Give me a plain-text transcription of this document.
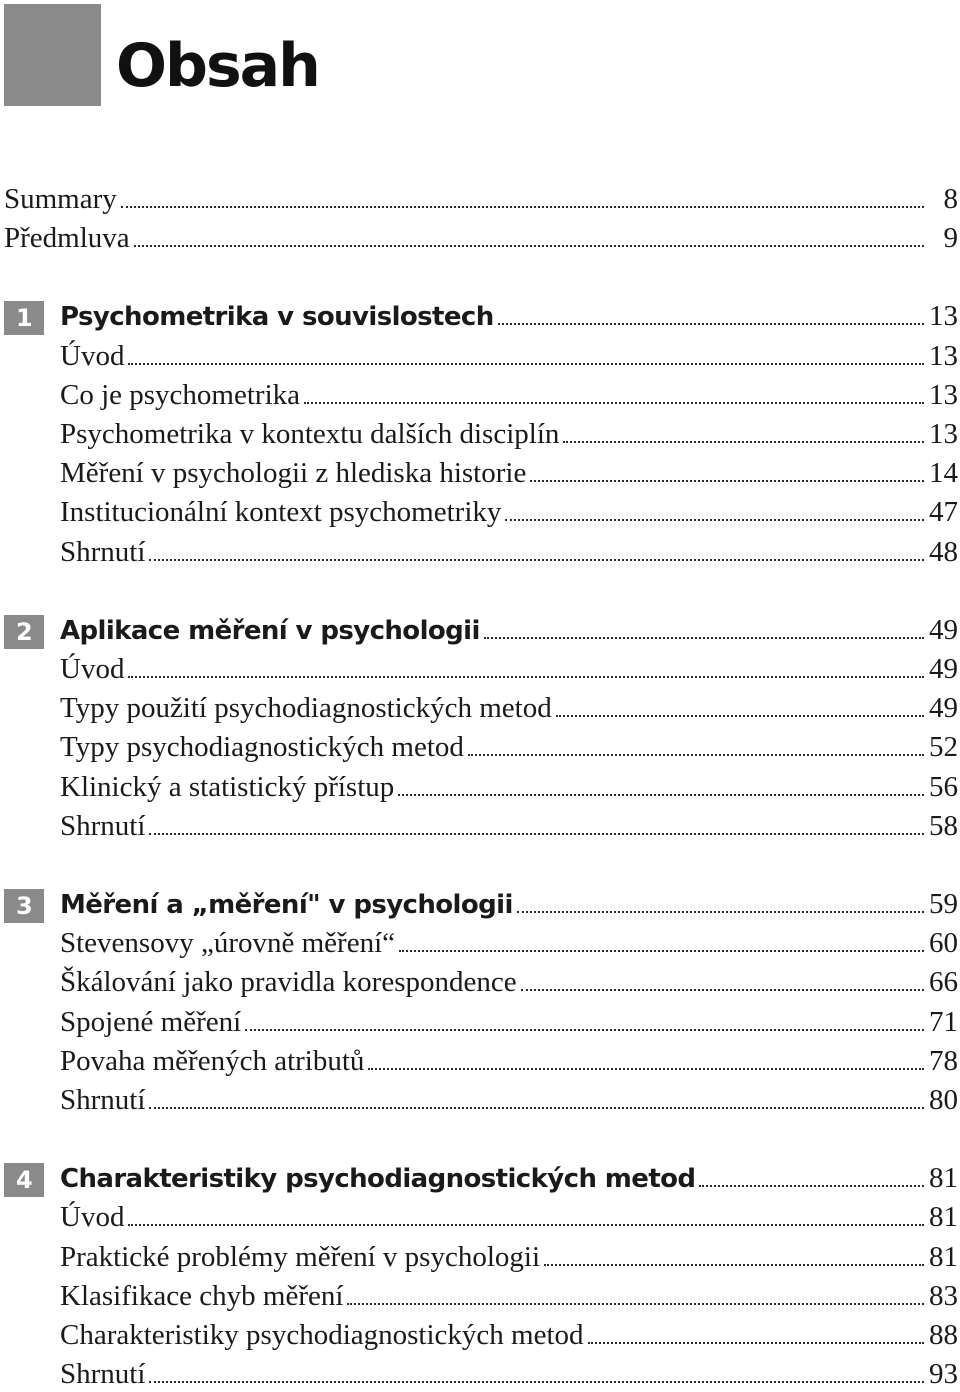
Obsah
Summary	8
Předmluva	9
1	Psychometrika v souvislostech	13
Úvod	13
Co je psychometrika	13
Psychometrika v kontextu dalších disciplín	13
Měření v psychologii z hlediska historie	14
Institucionální kontext psychometriky	47
Shrnutí	48
2	Aplikace měření v psychologii	49
Úvod	49
Typy použití psychodiagnostických metod	49
Typy psychodiagnostických metod	52
Klinický a statistický přístup	56
Shrnutí	58
3	Měření a „měření" v psychologii	59
Stevensovy „úrovně měření“	60
Škálování jako pravidla korespondence	66
Spojené měření	71
Povaha měřených atributů	78
Shrnutí	80
4	Charakteristiky psychodiagnostických metod	81
Úvod	81
Praktické problémy měření v psychologii	81
Klasifikace chyb měření	83
Charakteristiky psychodiagnostických metod	88
Shrnutí	93
